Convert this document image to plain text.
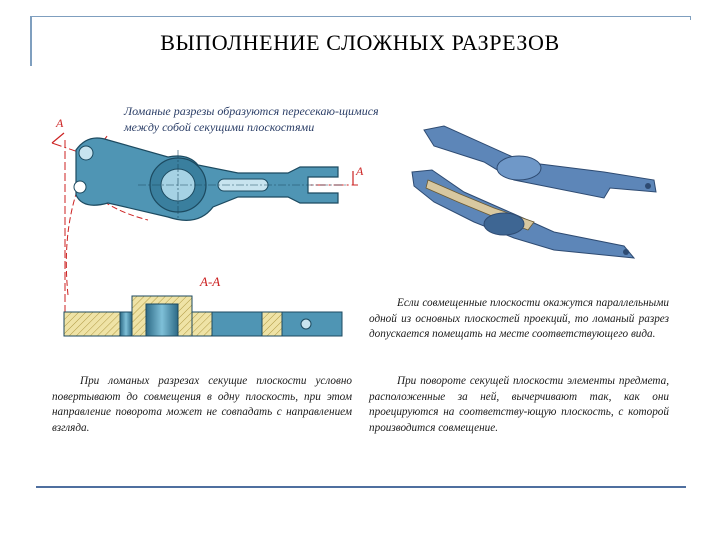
ВЫПОЛНЕНИЕ СЛОЖНЫХ РАЗРЕЗОВ
A
A
А-А
Ломаные разрезы образуются пересекаю-щимися между собой секущими плоскостями
При ломаных разрезах секущие плоскости условно повертывают до совмещения в одну плоскость, при этом направление поворота может не совпадать с направлением взгляда.
Если совмещенные плоскости окажутся параллельными одной из основных плоскостей проекций, то ломаный разрез допускается помещать на месте соответствующего вида.
При повороте секущей плоскости элементы предмета, расположенные за ней, вычерчивают так, как они проецируются на соответству-ющую плоскость, с которой производится совмещение.
